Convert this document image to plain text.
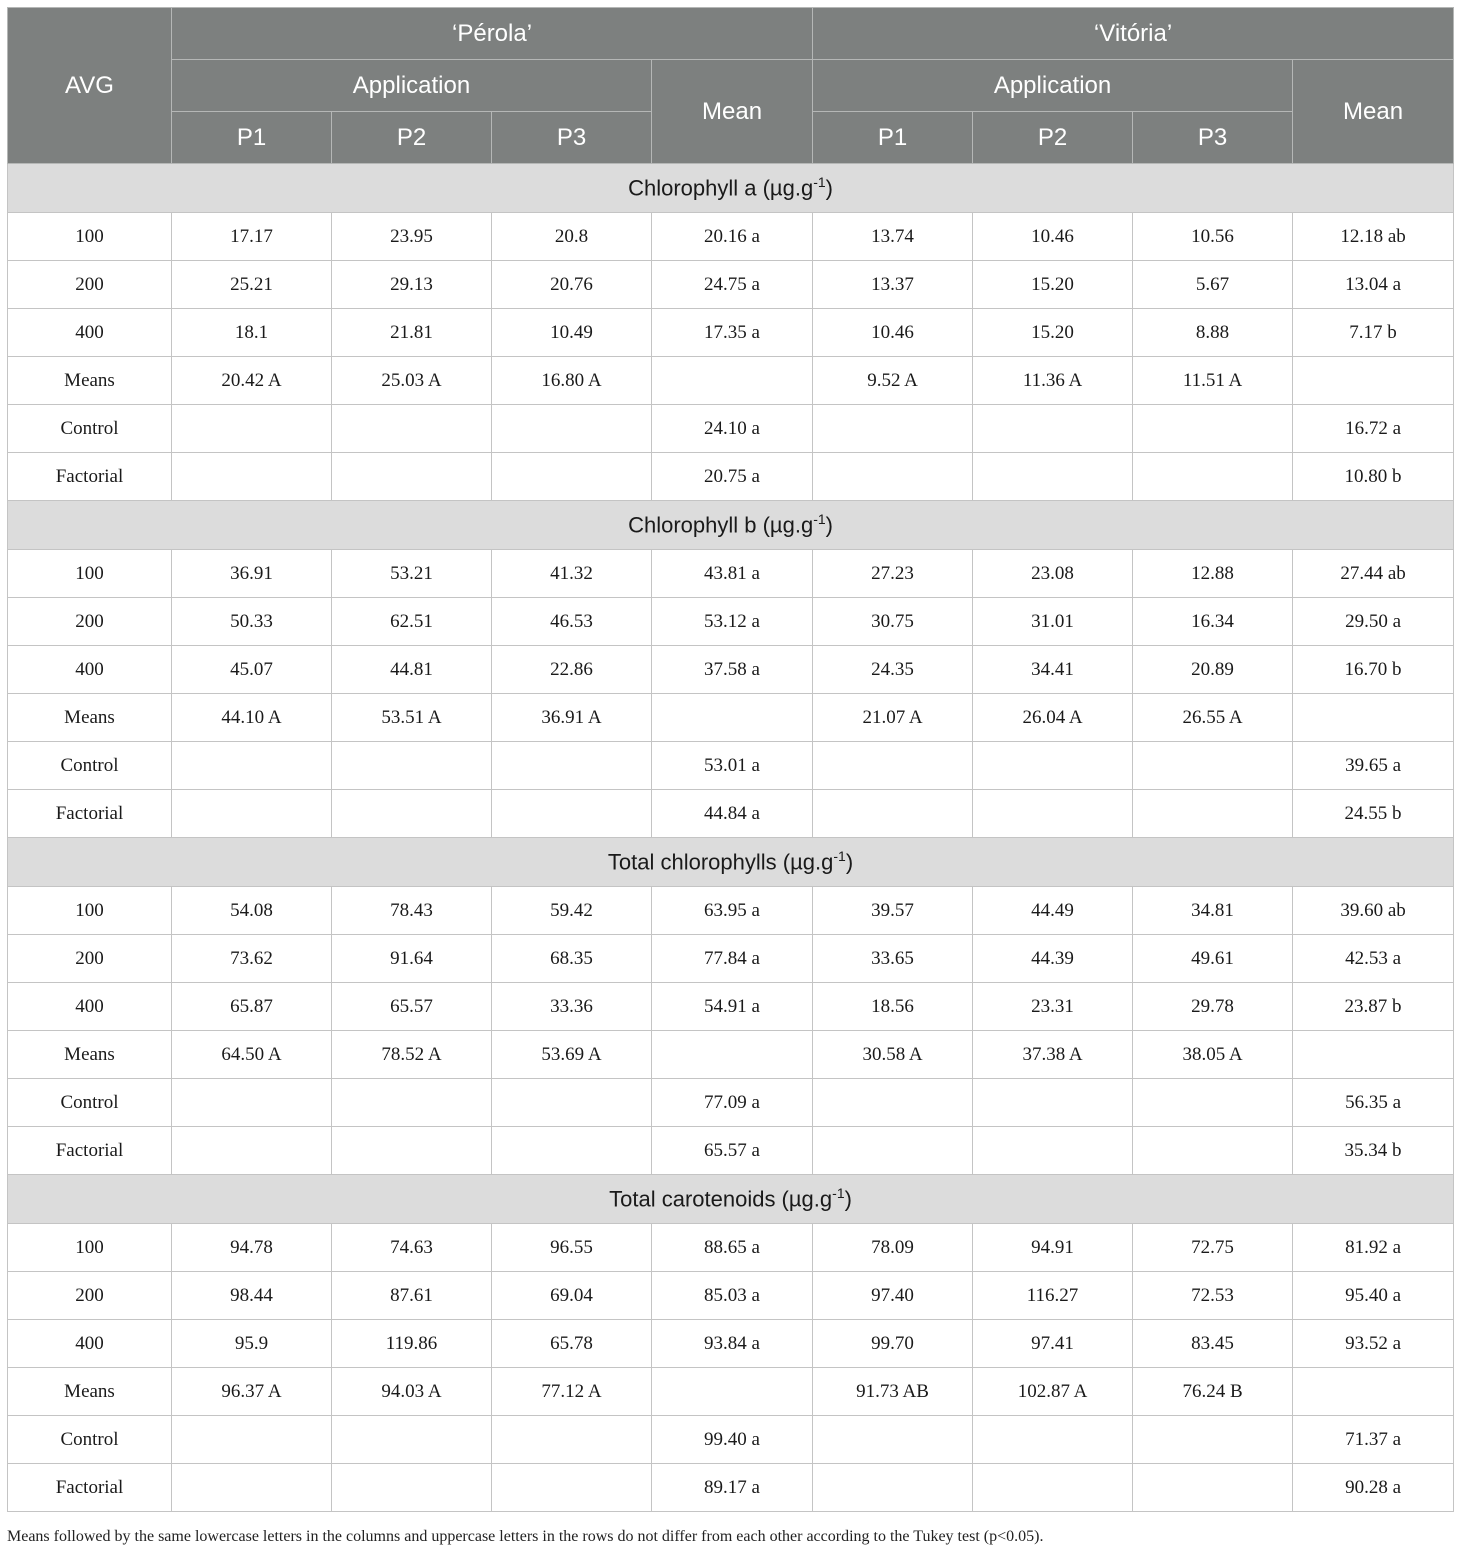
AVG	‘Pérola’				‘Vitória’			
	Application			Mean	Application			Mean
	P1	P2	P3		P1	P2	P3	
Chlorophyll a $(\mu g.g^{-1})$								
100	17.17	23.95	20.8	20.16 a	13.74	10.46	10.56	12.18 ab
200	25.21	29.13	20.76	24.75 a	13.37	15.20	5.67	13.04 a
400	18.1	21.81	10.49	17.35 a	10.46	15.20	8.88	7.17 b
Means	20.42 A	25.03 A	16.80 A		9.52 A	11.36 A	11.51 A	
Control				24.10 a				16.72 a
Factorial				20.75 a				10.80 b
Chlorophyll b $(\mu g.g^{-1})$								
100	36.91	53.21	41.32	43.81 a	27.23	23.08	12.88	27.44 ab
200	50.33	62.51	46.53	53.12 a	30.75	31.01	16.34	29.50 a
400	45.07	44.81	22.86	37.58 a	24.35	34.41	20.89	16.70 b
Means	44.10 A	53.51 A	36.91 A		21.07 A	26.04 A	26.55 A	
Control				53.01 a				39.65 a
Factorial				44.84 a				24.55 b
Total chlorophylls $(\mu g.g^{-1})$								
100	54.08	78.43	59.42	63.95 a	39.57	44.49	34.81	39.60 ab
200	73.62	91.64	68.35	77.84 a	33.65	44.39	49.61	42.53 a
400	65.87	65.57	33.36	54.91 a	18.56	23.31	29.78	23.87 b
Means	64.50 A	78.52 A	53.69 A		30.58 A	37.38 A	38.05 A	
Control				77.09 a				56.35 a
Factorial				65.57 a				35.34 b
Total carotenoids $(\mu g.g^{-1})$								
100	94.78	74.63	96.55	88.65 a	78.09	94.91	72.75	81.92 a
200	98.44	87.61	69.04	85.03 a	97.40	116.27	72.53	95.40 a
400	95.9	119.86	65.78	93.84 a	99.70	97.41	83.45	93.52 a
Means	96.37 A	94.03 A	77.12 A		91.73 AB	102.87 A	76.24 B	
Control				99.40 a				71.37 a
Factorial				89.17 a				90.28 a
Means followed by the same lowercase letters in the columns and uppercase letters in the rows do not differ from each other according to the Tukey test (p<0.05).
